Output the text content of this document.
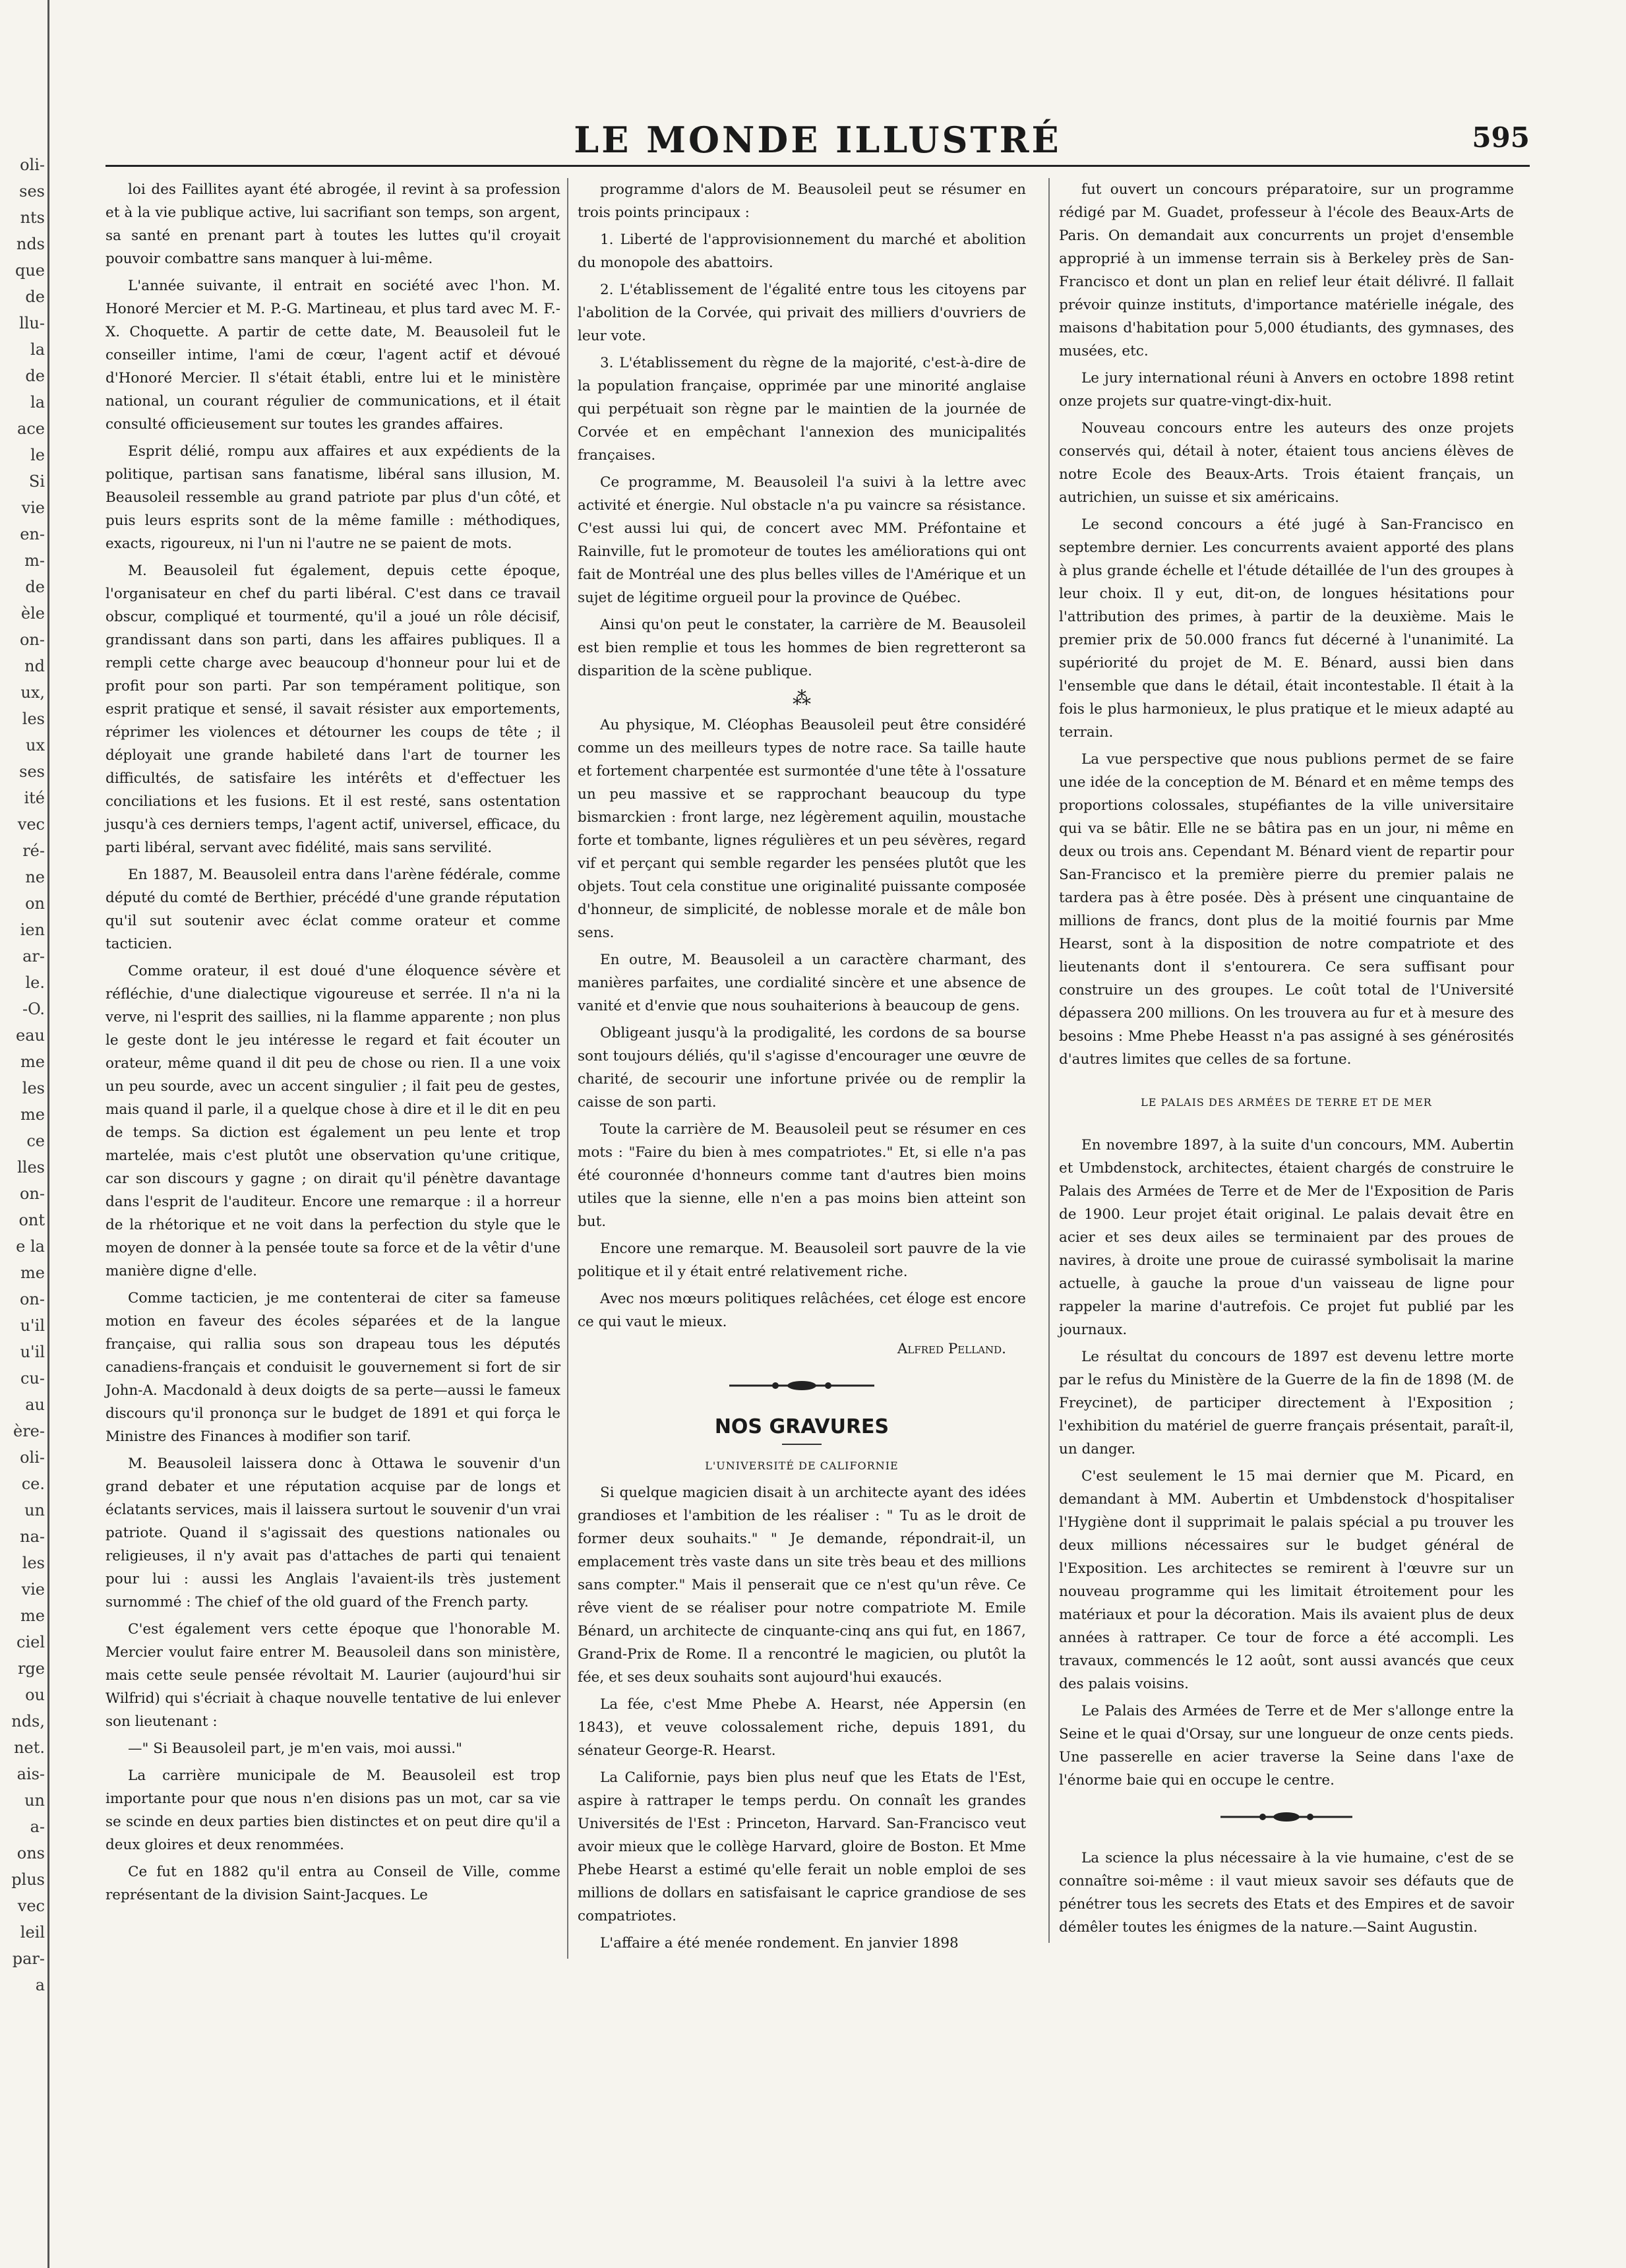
oli-
ses
nts
nds
que
de
llu-
la
de
la
ace
le
Si
vie
en-
m-
de
èle
on-
nd
ux,
les
ux
ses
ité
vec
ré-
ne
on
ien
ar-
le.
-O.
eau
me
les
me
ce
lles
on-
ont
e la
me
on-
u'il
u'il
cu-
au
ère-
oli-
ce.
un
na-
les
vie
me
ciel
rge
ou
nds,
net.
ais-
un
a-
ons
plus
vec
leil
par-
a
LE MONDE ILLUSTRÉ	595

loi des Faillites ayant été abrogée, il revint à sa profession et à la vie publique active, lui sacrifiant son temps, son argent, sa santé en prenant part à toutes les luttes qu'il croyait pouvoir combattre sans manquer à lui-même.

L'année suivante, il entrait en société avec l'hon. M. Honoré Mercier et M. P.-G. Martineau, et plus tard avec M. F.-X. Choquette. A partir de cette date, M. Beausoleil fut le conseiller intime, l'ami de cœur, l'agent actif et dévoué d'Honoré Mercier. Il s'était établi, entre lui et le ministère national, un courant régulier de communications, et il était consulté officieusement sur toutes les grandes affaires.

Esprit délié, rompu aux affaires et aux expédients de la politique, partisan sans fanatisme, libéral sans illusion, M. Beausoleil ressemble au grand patriote par plus d'un côté, et puis leurs esprits sont de la même famille : méthodiques, exacts, rigoureux, ni l'un ni l'autre ne se paient de mots.

M. Beausoleil fut également, depuis cette époque, l'organisateur en chef du parti libéral. C'est dans ce travail obscur, compliqué et tourmenté, qu'il a joué un rôle décisif, grandissant dans son parti, dans les affaires publiques. Il a rempli cette charge avec beaucoup d'honneur pour lui et de profit pour son parti. Par son tempérament politique, son esprit pratique et sensé, il savait résister aux emportements, réprimer les violences et détourner les coups de tête ; il déployait une grande habileté dans l'art de tourner les difficultés, de satisfaire les intérêts et d'effectuer les conciliations et les fusions. Et il est resté, sans ostentation jusqu'à ces derniers temps, l'agent actif, universel, efficace, du parti libéral, servant avec fidélité, mais sans servilité.

En 1887, M. Beausoleil entra dans l'arène fédérale, comme député du comté de Berthier, précédé d'une grande réputation qu'il sut soutenir avec éclat comme orateur et comme tacticien.

Comme orateur, il est doué d'une éloquence sévère et réfléchie, d'une dialectique vigoureuse et serrée. Il n'a ni la verve, ni l'esprit des saillies, ni la flamme apparente ; non plus le geste dont le jeu intéresse le regard et fait écouter un orateur, même quand il dit peu de chose ou rien. Il a une voix un peu sourde, avec un accent singulier ; il fait peu de gestes, mais quand il parle, il a quelque chose à dire et il le dit en peu de temps. Sa diction est également un peu lente et trop martelée, mais c'est plutôt une observation qu'une critique, car son discours y gagne ; on dirait qu'il pénètre davantage dans l'esprit de l'auditeur. Encore une remarque : il a horreur de la rhétorique et ne voit dans la perfection du style que le moyen de donner à la pensée toute sa force et de la vêtir d'une manière digne d'elle.

Comme tacticien, je me contenterai de citer sa fameuse motion en faveur des écoles séparées et de la langue française, qui rallia sous son drapeau tous les députés canadiens-français et conduisit le gouvernement si fort de sir John-A. Macdonald à deux doigts de sa perte—aussi le fameux discours qu'il prononça sur le budget de 1891 et qui força le Ministre des Finances à modifier son tarif.

M. Beausoleil laissera donc à Ottawa le souvenir d'un grand debater et une réputation acquise par de longs et éclatants services, mais il laissera surtout le souvenir d'un vrai patriote. Quand il s'agissait des questions nationales ou religieuses, il n'y avait pas d'attaches de parti qui tenaient pour lui : aussi les Anglais l'avaient-ils très justement surnommé : The chief of the old guard of the French party.

C'est également vers cette époque que l'honorable M. Mercier voulut faire entrer M. Beausoleil dans son ministère, mais cette seule pensée révoltait M. Laurier (aujourd'hui sir Wilfrid) qui s'écriait à chaque nouvelle tentative de lui enlever son lieutenant :

—" Si Beausoleil part, je m'en vais, moi aussi."

La carrière municipale de M. Beausoleil est trop importante pour que nous n'en disions pas un mot, car sa vie se scinde en deux parties bien distinctes et on peut dire qu'il a deux gloires et deux renommées.

Ce fut en 1882 qu'il entra au Conseil de Ville, comme représentant de la division Saint-Jacques. Le

programme d'alors de M. Beausoleil peut se résumer en trois points principaux :

1. Liberté de l'approvisionnement du marché et abolition du monopole des abattoirs.

2. L'établissement de l'égalité entre tous les citoyens par l'abolition de la Corvée, qui privait des milliers d'ouvriers de leur vote.

3. L'établissement du règne de la majorité, c'est-à-dire de la population française, opprimée par une minorité anglaise qui perpétuait son règne par le maintien de la journée de Corvée et en empêchant l'annexion des municipalités françaises.

Ce programme, M. Beausoleil l'a suivi à la lettre avec activité et énergie. Nul obstacle n'a pu vaincre sa résistance. C'est aussi lui qui, de concert avec MM. Préfontaine et Rainville, fut le promoteur de toutes les améliorations qui ont fait de Montréal une des plus belles villes de l'Amérique et un sujet de légitime orgueil pour la province de Québec.

Ainsi qu'on peut le constater, la carrière de M. Beausoleil est bien remplie et tous les hommes de bien regretteront sa disparition de la scène publique.

⁂

Au physique, M. Cléophas Beausoleil peut être considéré comme un des meilleurs types de notre race. Sa taille haute et fortement charpentée est surmontée d'une tête à l'ossature un peu massive et se rapprochant beaucoup du type bismarckien : front large, nez légèrement aquilin, moustache forte et tombante, lignes régulières et un peu sévères, regard vif et perçant qui semble regarder les pensées plutôt que les objets. Tout cela constitue une originalité puissante composée d'honneur, de simplicité, de noblesse morale et de mâle bon sens.

En outre, M. Beausoleil a un caractère charmant, des manières parfaites, une cordialité sincère et une absence de vanité et d'envie que nous souhaiterions à beaucoup de gens.

Obligeant jusqu'à la prodigalité, les cordons de sa bourse sont toujours déliés, qu'il s'agisse d'encourager une œuvre de charité, de secourir une infortune privée ou de remplir la caisse de son parti.

Toute la carrière de M. Beausoleil peut se résumer en ces mots : "Faire du bien à mes compatriotes." Et, si elle n'a pas été couronnée d'honneurs comme tant d'autres bien moins utiles que la sienne, elle n'en a pas moins bien atteint son but.

Encore une remarque. M. Beausoleil sort pauvre de la vie politique et il y était entré relativement riche.

Avec nos mœurs politiques relâchées, cet éloge est encore ce qui vaut le mieux.

Alfred Pelland.

NOS GRAVURES

L'UNIVERSITÉ DE CALIFORNIE

Si quelque magicien disait à un architecte ayant des idées grandioses et l'ambition de les réaliser : " Tu as le droit de former deux souhaits." " Je demande, répondrait-il, un emplacement très vaste dans un site très beau et des millions sans compter." Mais il penserait que ce n'est qu'un rêve. Ce rêve vient de se réaliser pour notre compatriote M. Emile Bénard, un architecte de cinquante-cinq ans qui fut, en 1867, Grand-Prix de Rome. Il a rencontré le magicien, ou plutôt la fée, et ses deux souhaits sont aujourd'hui exaucés.

La fée, c'est Mme Phebe A. Hearst, née Appersin (en 1843), et veuve colossalement riche, depuis 1891, du sénateur George-R. Hearst.

La Californie, pays bien plus neuf que les Etats de l'Est, aspire à rattraper le temps perdu. On connaît les grandes Universités de l'Est : Princeton, Harvard. San-Francisco veut avoir mieux que le collège Harvard, gloire de Boston. Et Mme Phebe Hearst a estimé qu'elle ferait un noble emploi de ses millions de dollars en satisfaisant le caprice grandiose de ses compatriotes.

L'affaire a été menée rondement. En janvier 1898

fut ouvert un concours préparatoire, sur un programme rédigé par M. Guadet, professeur à l'école des Beaux-Arts de Paris. On demandait aux concurrents un projet d'ensemble approprié à un immense terrain sis à Berkeley près de San-Francisco et dont un plan en relief leur était délivré. Il fallait prévoir quinze instituts, d'importance matérielle inégale, des maisons d'habitation pour 5,000 étudiants, des gymnases, des musées, etc.

Le jury international réuni à Anvers en octobre 1898 retint onze projets sur quatre-vingt-dix-huit.

Nouveau concours entre les auteurs des onze projets conservés qui, détail à noter, étaient tous anciens élèves de notre Ecole des Beaux-Arts. Trois étaient français, un autrichien, un suisse et six américains.

Le second concours a été jugé à San-Francisco en septembre dernier. Les concurrents avaient apporté des plans à plus grande échelle et l'étude détaillée de l'un des groupes à leur choix. Il y eut, dit-on, de longues hésitations pour l'attribution des primes, à partir de la deuxième. Mais le premier prix de 50.000 francs fut décerné à l'unanimité. La supériorité du projet de M. E. Bénard, aussi bien dans l'ensemble que dans le détail, était incontestable. Il était à la fois le plus harmonieux, le plus pratique et le mieux adapté au terrain.

La vue perspective que nous publions permet de se faire une idée de la conception de M. Bénard et en même temps des proportions colossales, stupéfiantes de la ville universitaire qui va se bâtir. Elle ne se bâtira pas en un jour, ni même en deux ou trois ans. Cependant M. Bénard vient de repartir pour San-Francisco et la première pierre du premier palais ne tardera pas à être posée. Dès à présent une cinquantaine de millions de francs, dont plus de la moitié fournis par Mme Hearst, sont à la disposition de notre compatriote et des lieutenants dont il s'entourera. Ce sera suffisant pour construire un des groupes. Le coût total de l'Université dépassera 200 millions. On les trouvera au fur et à mesure des besoins : Mme Phebe Heasst n'a pas assigné à ses générosités d'autres limites que celles de sa fortune.

LE PALAIS DES ARMÉES DE TERRE ET DE MER

En novembre 1897, à la suite d'un concours, MM. Aubertin et Umbdenstock, architectes, étaient chargés de construire le Palais des Armées de Terre et de Mer de l'Exposition de Paris de 1900. Leur projet était original. Le palais devait être en acier et ses deux ailes se terminaient par des proues de navires, à droite une proue de cuirassé symbolisait la marine actuelle, à gauche la proue d'un vaisseau de ligne pour rappeler la marine d'autrefois. Ce projet fut publié par les journaux.

Le résultat du concours de 1897 est devenu lettre morte par le refus du Ministère de la Guerre de la fin de 1898 (M. de Freycinet), de participer directement à l'Exposition ; l'exhibition du matériel de guerre français présentait, paraît-il, un danger.

C'est seulement le 15 mai dernier que M. Picard, en demandant à MM. Aubertin et Umbdenstock d'hospitaliser l'Hygiène dont il supprimait le palais spécial a pu trouver les deux millions nécessaires sur le budget général de l'Exposition. Les architectes se remirent à l'œuvre sur un nouveau programme qui les limitait étroitement pour les matériaux et pour la décoration. Mais ils avaient plus de deux années à rattraper. Ce tour de force a été accompli. Les travaux, commencés le 12 août, sont aussi avancés que ceux des palais voisins.

Le Palais des Armées de Terre et de Mer s'allonge entre la Seine et le quai d'Orsay, sur une longueur de onze cents pieds. Une passerelle en acier traverse la Seine dans l'axe de l'énorme baie qui en occupe le centre.

La science la plus nécessaire à la vie humaine, c'est de se connaître soi-même : il vaut mieux savoir ses défauts que de pénétrer tous les secrets des Etats et des Empires et de savoir démêler toutes les énigmes de la nature.—Saint Augustin.
